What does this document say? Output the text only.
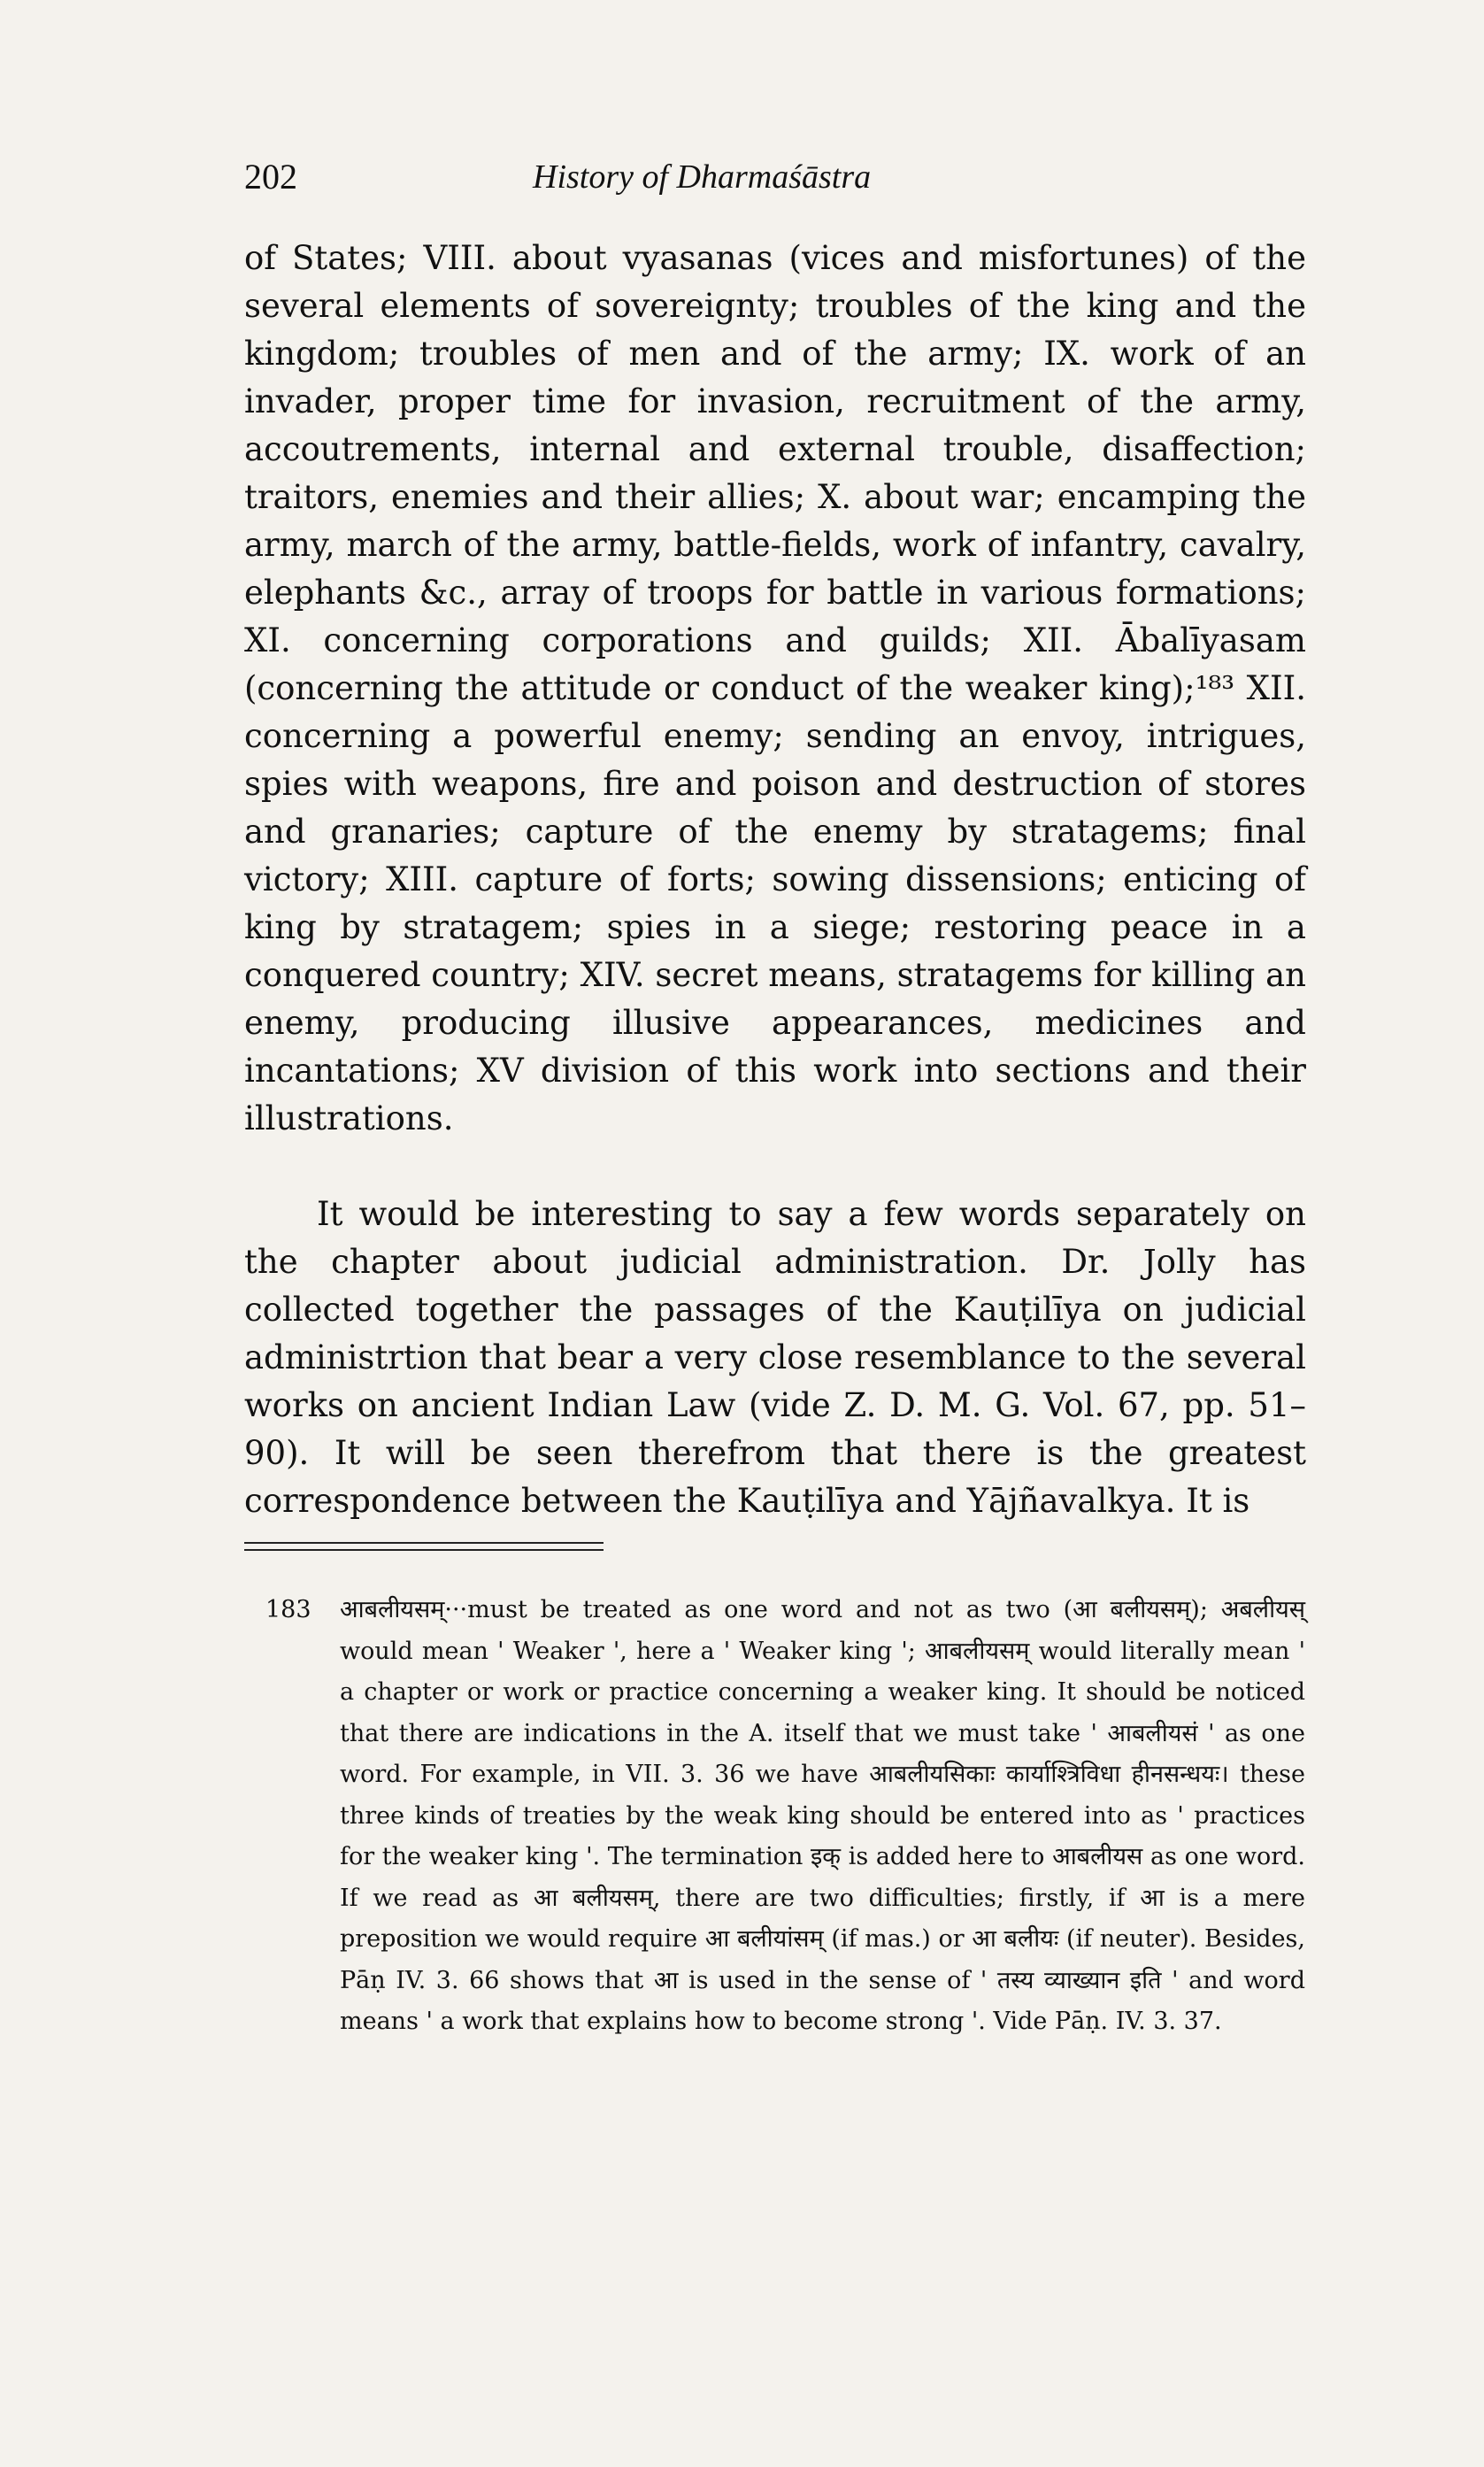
202	History of Dharmaśāstra

of States; VIII. about vyasanas (vices and misfortunes) of the several elements of sovereignty; troubles of the king and the kingdom; troubles of men and of the army; IX. work of an invader, proper time for invasion, recruitment of the army, accoutrements, internal and external trouble, disaffection; traitors, enemies and their allies; X. about war; encamping the army, march of the army, battle-fields, work of infantry, cavalry, elephants &c., array of troops for battle in various formations; XI. concerning corporations and guilds; XII. Ābalīyasam (concerning the attitude or conduct of the weaker king);¹⁸³ XII. concerning a powerful enemy; sending an envoy, intrigues, spies with weapons, fire and poison and destruction of stores and granaries; capture of the enemy by stratagems; final victory; XIII. capture of forts; sowing dissensions; enticing of king by stratagem; spies in a siege; restoring peace in a conquered country; XIV. secret means, stratagems for killing an enemy, producing illusive appearances, medicines and incantations; XV division of this work into sections and their illustrations.

It would be interesting to say a few words separately on the chapter about judicial administration. Dr. Jolly has collected together the passages of the Kauṭilīya on judicial administrtion that bear a very close resemblance to the several works on ancient Indian Law (vide Z. D. M. G. Vol. 67, pp. 51–90). It will be seen therefrom that there is the greatest correspondence between the Kauṭilīya and Yājñavalkya. It is

183	आबलीयसम्···must be treated as one word and not as two (आ बलीयसम्); अबलीयस् would mean ' Weaker ', here a ' Weaker king '; आबलीयसम् would literally mean ' a chapter or work or practice concerning a weaker king. It should be noticed that there are indications in the A. itself that we must take ' आबलीयसं ' as one word. For example, in VII. 3. 36 we have आबलीयसिकाः कार्याश्त्रिविधा हीनसन्धयः। these three kinds of treaties by the weak king should be entered into as ' practices for the weaker king '. The termination इक् is added here to आबलीयस as one word. If we read as आ बलीयसम्, there are two difficulties; firstly, if आ is a mere preposition we would require आ बलीयांसम् (if mas.) or आ बलीयः (if neuter). Besides, Pāṇ IV. 3. 66 shows that आ is used in the sense of ' तस्य व्याख्यान इति ' and word means ' a work that explains how to become strong '. Vide Pāṇ. IV. 3. 37.
